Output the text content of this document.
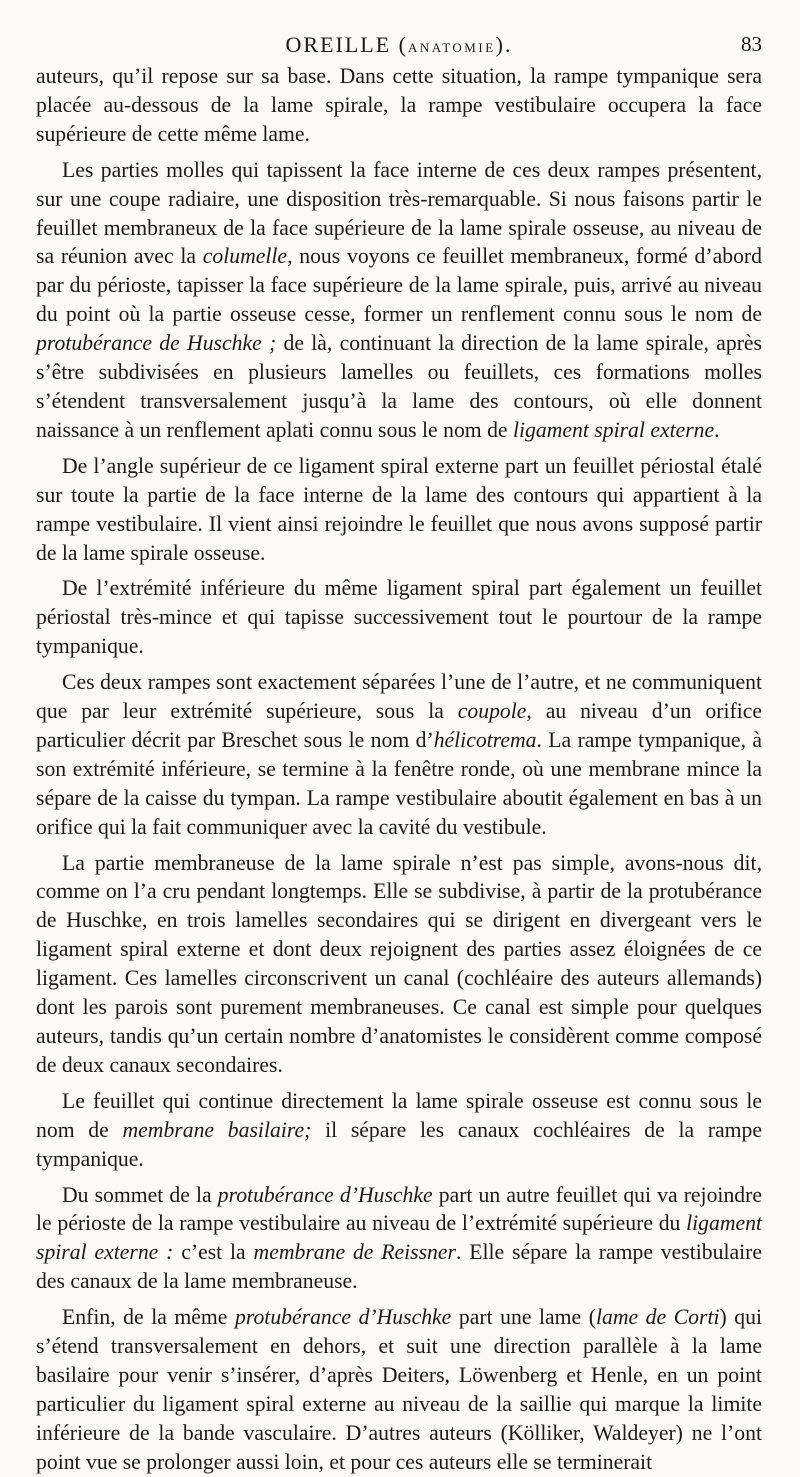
OREILLE (ANATOMIE).	83

auteurs, qu’il repose sur sa base. Dans cette situation, la rampe tympanique sera placée au-dessous de la lame spirale, la rampe vestibulaire occupera la face supérieure de cette même lame.

Les parties molles qui tapissent la face interne de ces deux rampes présentent, sur une coupe radiaire, une disposition très-remarquable. Si nous faisons partir le feuillet membraneux de la face supérieure de la lame spirale osseuse, au niveau de sa réunion avec la columelle, nous voyons ce feuillet membraneux, formé d’abord par du périoste, tapisser la face supérieure de la lame spirale, puis, arrivé au niveau du point où la partie osseuse cesse, former un renflement connu sous le nom de protubérance de Huschke ; de là, continuant la direction de la lame spirale, après s’être subdivisées en plusieurs lamelles ou feuillets, ces formations molles s’étendent transversalement jusqu’à la lame des contours, où elle donnent naissance à un renflement aplati connu sous le nom de ligament spiral externe.

De l’angle supérieur de ce ligament spiral externe part un feuillet périostal étalé sur toute la partie de la face interne de la lame des contours qui appartient à la rampe vestibulaire. Il vient ainsi rejoindre le feuillet que nous avons supposé partir de la lame spirale osseuse.

De l’extrémité inférieure du même ligament spiral part également un feuillet périostal très-mince et qui tapisse successivement tout le pourtour de la rampe tympanique.

Ces deux rampes sont exactement séparées l’une de l’autre, et ne communiquent que par leur extrémité supérieure, sous la coupole, au niveau d’un orifice particulier décrit par Breschet sous le nom d’hélicotrema. La rampe tympanique, à son extrémité inférieure, se termine à la fenêtre ronde, où une membrane mince la sépare de la caisse du tympan. La rampe vestibulaire aboutit également en bas à un orifice qui la fait communiquer avec la cavité du vestibule.

La partie membraneuse de la lame spirale n’est pas simple, avons-nous dit, comme on l’a cru pendant longtemps. Elle se subdivise, à partir de la protubérance de Huschke, en trois lamelles secondaires qui se dirigent en divergeant vers le ligament spiral externe et dont deux rejoignent des parties assez éloignées de ce ligament. Ces lamelles circonscrivent un canal (cochléaire des auteurs allemands) dont les parois sont purement membraneuses. Ce canal est simple pour quelques auteurs, tandis qu’un certain nombre d’anatomistes le considèrent comme composé de deux canaux secondaires.

Le feuillet qui continue directement la lame spirale osseuse est connu sous le nom de membrane basilaire; il sépare les canaux cochléaires de la rampe tympanique.

Du sommet de la protubérance d’Huschke part un autre feuillet qui va rejoindre le périoste de la rampe vestibulaire au niveau de l’extrémité supérieure du ligament spiral externe : c’est la membrane de Reissner. Elle sépare la rampe vestibulaire des canaux de la lame membraneuse.

Enfin, de la même protubérance d’Huschke part une lame (lame de Corti) qui s’étend transversalement en dehors, et suit une direction parallèle à la lame basilaire pour venir s’insérer, d’après Deiters, Löwenberg et Henle, en un point particulier du ligament spiral externe au niveau de la saillie qui marque la limite inférieure de la bande vasculaire. D’autres auteurs (Kölliker, Waldeyer) ne l’ont point vue se prolonger aussi loin, et pour ces auteurs elle se terminerait
